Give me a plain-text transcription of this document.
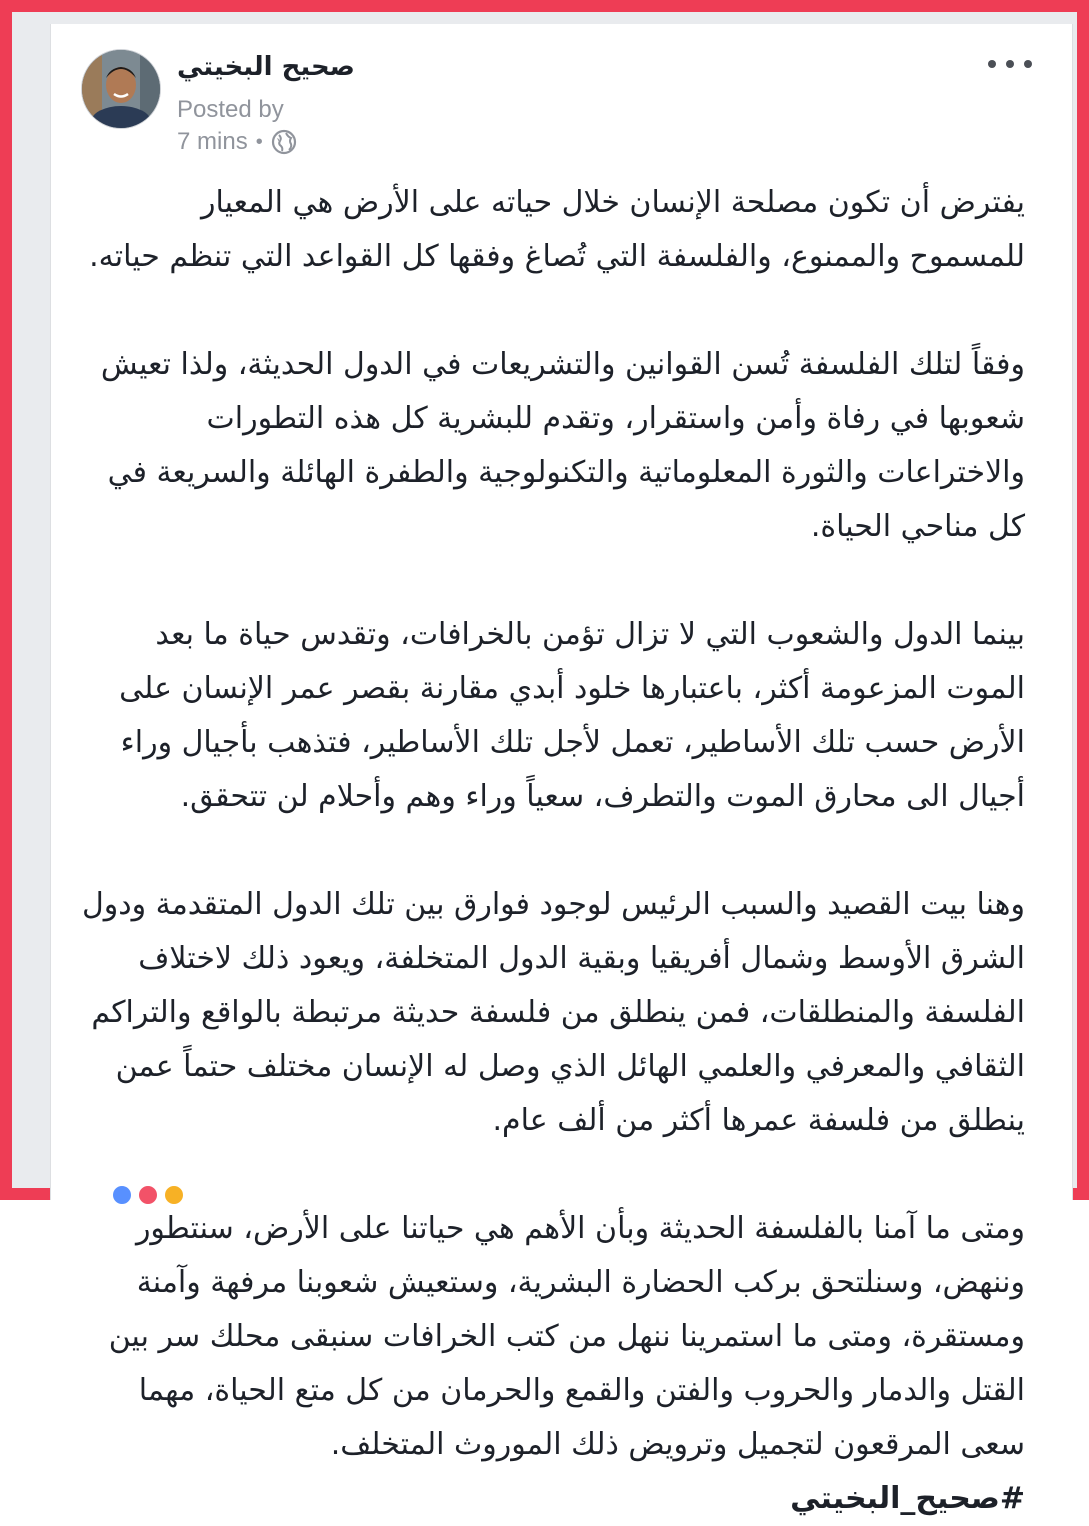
صحيح البخيتي
Posted by
7 mins •

يفترض أن تكون مصلحة الإنسان خلال حياته على الأرض هي المعيار للمسموح والممنوع، والفلسفة التي تُصاغ وفقها كل القواعد التي تنظم حياته.

وفقاً لتلك الفلسفة تُسن القوانين والتشريعات في الدول الحديثة، ولذا تعيش شعوبها في رفاة وأمن واستقرار، وتقدم للبشرية كل هذه التطورات والاختراعات والثورة المعلوماتية والتكنولوجية والطفرة الهائلة والسريعة في كل مناحي الحياة.

بينما الدول والشعوب التي لا تزال تؤمن بالخرافات، وتقدس حياة ما بعد الموت المزعومة أكثر، باعتبارها خلود أبدي مقارنة بقصر عمر الإنسان على الأرض حسب تلك الأساطير، تعمل لأجل تلك الأساطير، فتذهب بأجيال وراء أجيال الى محارق الموت والتطرف، سعياً وراء وهم وأحلام لن تتحقق.

وهنا بيت القصيد والسبب الرئيس لوجود فوارق بين تلك الدول المتقدمة ودول الشرق الأوسط وشمال أفريقيا وبقية الدول المتخلفة، ويعود ذلك لاختلاف الفلسفة والمنطلقات، فمن ينطلق من فلسفة حديثة مرتبطة بالواقع والتراكم الثقافي والمعرفي والعلمي الهائل الذي وصل له الإنسان مختلف حتماً عمن ينطلق من فلسفة عمرها أكثر من ألف عام.

ومتى ما آمنا بالفلسفة الحديثة وبأن الأهم هي حياتنا على الأرض، سنتطور وننهض، وسنلتحق بركب الحضارة البشرية، وستعيش شعوبنا مرفهة وآمنة ومستقرة، ومتى ما استمرينا ننهل من كتب الخرافات سنبقى محلك سر بين القتل والدمار والحروب والفتن والقمع والحرمان من كل متع الحياة، مهما سعى المرقعون لتجميل وترويض ذلك الموروث المتخلف.

#صحيح_البخيتي
